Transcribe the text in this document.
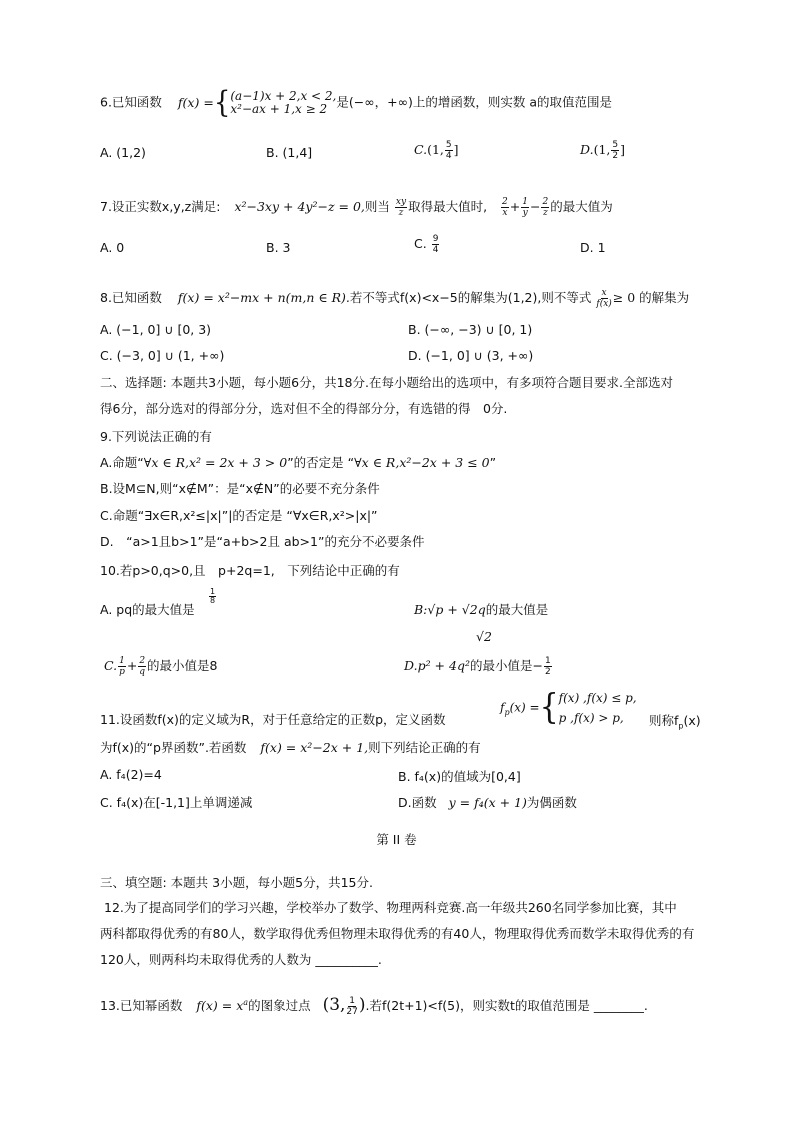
6.已知函数 f(x) ={ (a−1)x + 2,x < 2,
x²−ax + 1,x ≥ 2 是(−∞，+∞)上的增函数，则实数 a的取值范围是
A. (1,2)	B. (1,4]	C.(1, $\frac{5}{4}$ ]	D.(1, $\frac{5}{2}$ ]
7.设正实数x,y,z满足: x²−3xy + 4y²−z = 0,则当 $\frac{xy}{z}$ 取得最大值时, $\frac{2}{x} + \frac{1}{y} - \frac{2}{z}$ 的最大值为
A. 0	B. 3	C. $\frac{9}{4}$	D. 1
8.已知函数 f(x) = x²−mx + n(m,n ∈ R).若不等式f(x)<x−5的解集为(1,2),则不等式 $\frac{x}{f(x)} \ge 0$ 的解集为
A. (−1, 0] ∪ [0, 3)	B. (−∞, −3) ∪ [0, 1)
C. (−3, 0] ∪ (1, +∞)	D. (−1, 0] ∪ (3, +∞)
二、选择题: 本题共3小题，每小题6分，共18分.在每小题给出的选项中，有多项符合题目要求.全部选对
得6分，部分选对的得部分分，选对但不全的得部分分，有选错的得　0分.
9.下列说法正确的有
A.命题“∀x ∈ R,x² = 2x + 3 > 0”的否定是 “∀x ∈ R,x²−2x + 3 ≤ 0”
B.设M⊆N,则“x∉M”：是“x∉N”的必要不充分条件
C.命题“∃x∈R,x²≤|x|”|的否定是 “∀x∈R,x²>|x|”
D.　“a>1且b>1”是“a+b>2且 ab>1”的充分不必要条件
10.若p>0,q>0,且　p+2q=1,　下列结论中正确的有
A. pq的最大值是
$\frac{1}{8}$
B:√p + √2q的最大值是
√2
C. $\frac{1}{p} + \frac{2}{q}$ 的最小值是8	D.p² + 4q²的最小值是− $\frac{1}{2}$
11.设函数f(x)的定义域为R，对于任意给定的正数p，定义函数
$f_p(x)$ ={ f(x) ,f(x) ≤ p,
p ,f(x) > p,	则称$f_p(x)$
为f(x)的“p界函数”.若函数 f(x) = x²−2x + 1,则下列结论正确的有
A. f₄(2)=4	B. f₄(x)的值域为[0,4]
C. f₄(x)在[-1,1]上单调递减	D.函数 y = f₄(x + 1)为偶函数
第 II 卷
三、填空题: 本题共 3小题，每小题5分，共15分.
12.为了提高同学们的学习兴趣，学校举办了数学、物理两科竞赛.高一年级共260名同学参加比赛，其中
两科都取得优秀的有80人，数学取得优秀但物理未取得优秀的有40人，物理取得优秀而数学未取得优秀的有
120人，则两科均未取得优秀的人数为 __________.
13.已知幂函数 $f(x) = x^a$的图象过点 (3, $\frac{1}{27}$ ).若f(2t+1)<f(5)，则实数t的取值范围是 ________.
